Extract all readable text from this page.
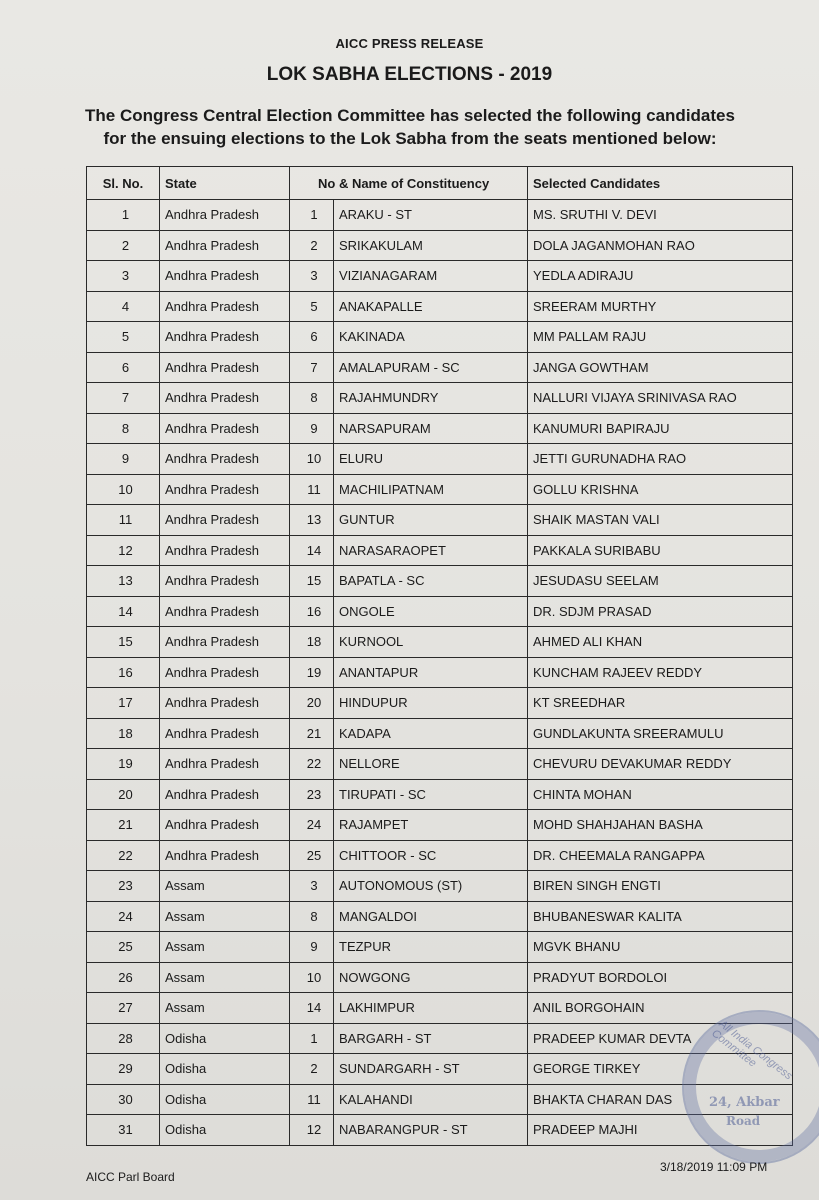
AICC PRESS RELEASE
LOK SABHA ELECTIONS - 2019
The Congress Central Election Committee has selected the following candidates
for the ensuing elections to the Lok Sabha from the seats mentioned below:
Sl. No.	State	No & Name of Constituency		Selected Candidates
1	Andhra Pradesh	1	ARAKU - ST	MS. SRUTHI V. DEVI
2	Andhra Pradesh	2	SRIKAKULAM	DOLA JAGANMOHAN RAO
3	Andhra Pradesh	3	VIZIANAGARAM	YEDLA ADIRAJU
4	Andhra Pradesh	5	ANAKAPALLE	SREERAM MURTHY
5	Andhra Pradesh	6	KAKINADA	MM PALLAM RAJU
6	Andhra Pradesh	7	AMALAPURAM - SC	JANGA GOWTHAM
7	Andhra Pradesh	8	RAJAHMUNDRY	NALLURI VIJAYA SRINIVASA RAO
8	Andhra Pradesh	9	NARSAPURAM	KANUMURI BAPIRAJU
9	Andhra Pradesh	10	ELURU	JETTI GURUNADHA RAO
10	Andhra Pradesh	11	MACHILIPATNAM	GOLLU KRISHNA
11	Andhra Pradesh	13	GUNTUR	SHAIK MASTAN VALI
12	Andhra Pradesh	14	NARASARAOPET	PAKKALA SURIBABU
13	Andhra Pradesh	15	BAPATLA - SC	JESUDASU SEELAM
14	Andhra Pradesh	16	ONGOLE	DR. SDJM PRASAD
15	Andhra Pradesh	18	KURNOOL	AHMED ALI KHAN
16	Andhra Pradesh	19	ANANTAPUR	KUNCHAM RAJEEV REDDY
17	Andhra Pradesh	20	HINDUPUR	KT SREEDHAR
18	Andhra Pradesh	21	KADAPA	GUNDLAKUNTA SREERAMULU
19	Andhra Pradesh	22	NELLORE	CHEVURU DEVAKUMAR REDDY
20	Andhra Pradesh	23	TIRUPATI - SC	CHINTA MOHAN
21	Andhra Pradesh	24	RAJAMPET	MOHD SHAHJAHAN BASHA
22	Andhra Pradesh	25	CHITTOOR - SC	DR. CHEEMALA RANGAPPA
23	Assam	3	AUTONOMOUS (ST)	BIREN SINGH ENGTI
24	Assam	8	MANGALDOI	BHUBANESWAR KALITA
25	Assam	9	TEZPUR	MGVK BHANU
26	Assam	10	NOWGONG	PRADYUT BORDOLOI
27	Assam	14	LAKHIMPUR	ANIL BORGOHAIN
28	Odisha	1	BARGARH - ST	PRADEEP KUMAR DEVTA
29	Odisha	2	SUNDARGARH - ST	GEORGE TIRKEY
30	Odisha	11	KALAHANDI	BHAKTA CHARAN DAS
31	Odisha	12	NABARANGPUR - ST	PRADEEP MAJHI
All India Congress Committee
24, Akbar
Road
AICC Parl Board
3/18/2019 11:09 PM
